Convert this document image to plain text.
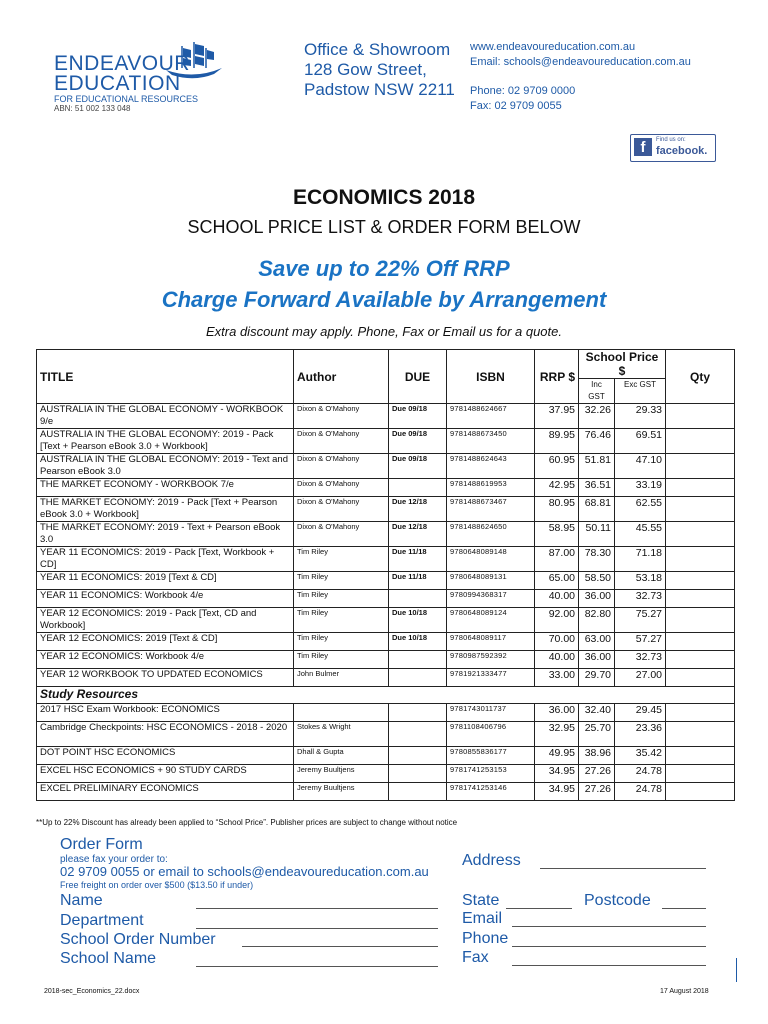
ENDEAVOUR
EDUCATION
FOR EDUCATIONAL RESOURCES
ABN: 51 002 133 048
Office & Showroom
128 Gow Street,
Padstow NSW 2211
www.endeavoureducation.com.au
Email: schools@endeavoureducation.com.au
Phone: 02 9709 0000
Fax: 02 9709 0055
f	Find us on:
facebook.
ECONOMICS 2018
SCHOOL PRICE LIST & ORDER FORM BELOW
Save up to 22% Off RRP
Charge Forward Available by Arrangement
Extra discount may apply. Phone, Fax or Email us for a quote.
TITLE	Author	DUE	ISBN	RRP $	School Price $		Qty
					Inc GST	Exc GST	
AUSTRALIA IN THE GLOBAL ECONOMY - WORKBOOK 9/e	Dixon & O'Mahony	Due 09/18	9781488624667	37.95	32.26	29.33	
AUSTRALIA IN THE GLOBAL ECONOMY: 2019 - Pack [Text + Pearson eBook 3.0 + Workbook]	Dixon & O'Mahony	Due 09/18	9781488673450	89.95	76.46	69.51	
AUSTRALIA IN THE GLOBAL ECONOMY: 2019 - Text and Pearson eBook 3.0	Dixon & O'Mahony	Due 09/18	9781488624643	60.95	51.81	47.10	
THE MARKET ECONOMY - WORKBOOK 7/e	Dixon & O'Mahony		9781488619953	42.95	36.51	33.19	
THE MARKET ECONOMY: 2019 - Pack [Text + Pearson eBook 3.0 + Workbook]	Dixon & O'Mahony	Due 12/18	9781488673467	80.95	68.81	62.55	
THE MARKET ECONOMY: 2019 - Text + Pearson eBook 3.0	Dixon & O'Mahony	Due 12/18	9781488624650	58.95	50.11	45.55	
YEAR 11 ECONOMICS: 2019 - Pack [Text, Workbook + CD]	Tim Riley	Due 11/18	9780648089148	87.00	78.30	71.18	
YEAR 11 ECONOMICS: 2019 [Text & CD]	Tim Riley	Due 11/18	9780648089131	65.00	58.50	53.18	
YEAR 11 ECONOMICS: Workbook 4/e	Tim Riley		9780994368317	40.00	36.00	32.73	
YEAR 12 ECONOMICS: 2019 - Pack [Text, CD and Workbook]	Tim Riley	Due 10/18	9780648089124	92.00	82.80	75.27	
YEAR 12 ECONOMICS: 2019 [Text & CD]	Tim Riley	Due 10/18	9780648089117	70.00	63.00	57.27	
YEAR 12 ECONOMICS: Workbook 4/e	Tim Riley		9780987592392	40.00	36.00	32.73	
YEAR 12 WORKBOOK TO UPDATED ECONOMICS	John Bulmer		9781921333477	33.00	29.70	27.00	
Study Resources							
2017 HSC Exam Workbook: ECONOMICS			9781743011737	36.00	32.40	29.45	
Cambridge Checkpoints: HSC ECONOMICS - 2018 - 2020	Stokes & Wright		9781108406796	32.95	25.70	23.36	
DOT POINT HSC ECONOMICS	Dhall & Gupta		9780855836177	49.95	38.96	35.42	
EXCEL HSC ECONOMICS + 90 STUDY CARDS	Jeremy Buultjens		9781741253153	34.95	27.26	24.78	
EXCEL PRELIMINARY ECONOMICS	Jeremy Buultjens		9781741253146	34.95	27.26	24.78	
**Up to 22% Discount has already been applied to “School Price”. Publisher prices are subject to change without notice
Order Form
please fax your order to:
02 9709 0055 or email to schools@endeavoureducation.com.au
Free freight on order over $500 ($13.50 if under)
Name
Department
School Order Number
School Name
Address
State	Postcode
Email
Phone
Fax
2018-sec_Economics_22.docx	17 August 2018
